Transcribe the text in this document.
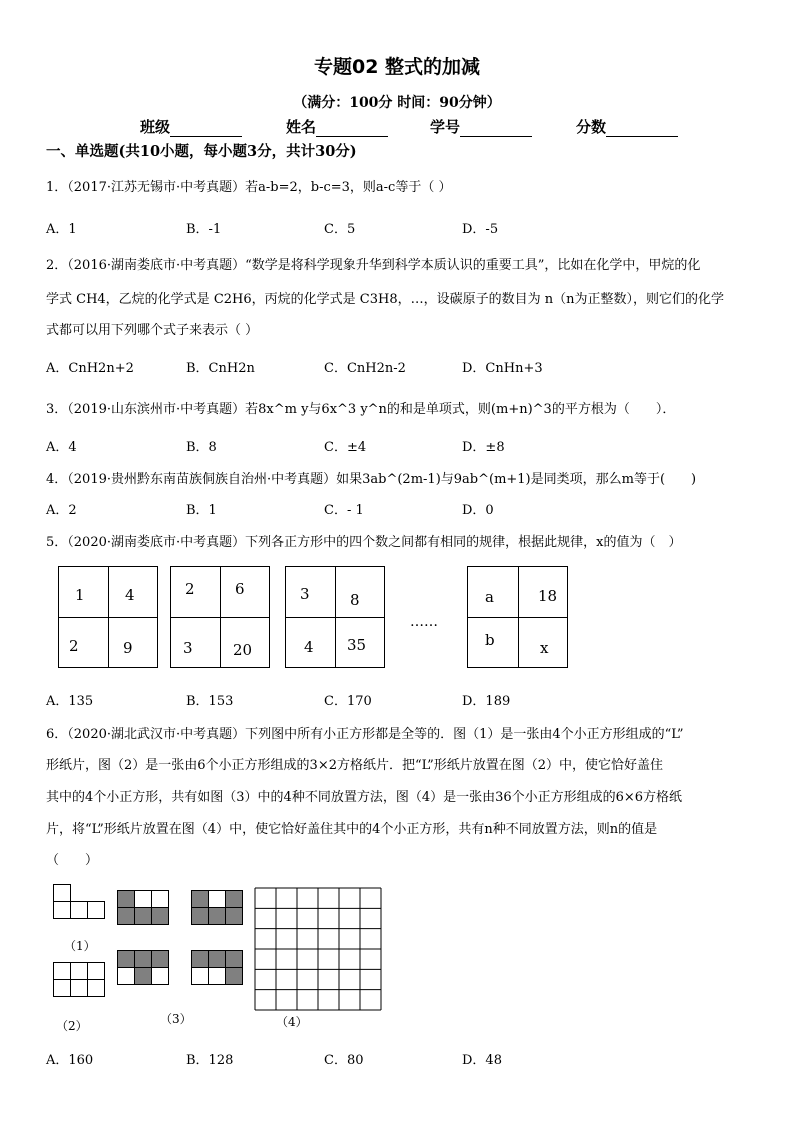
专题02 整式的加减
（满分：100分 时间：90分钟）
班级	姓名	学号	分数
一、单选题(共10小题，每小题3分，共计30分)
1．（2017·江苏无锡市·中考真题）若a-b=2，b-c=3，则a-c等于（ ）
A．1	B．-1	C．5	D．-5
2．（2016·湖南娄底市·中考真题）“数学是将科学现象升华到科学本质认识的重要工具”，比如在化学中，甲烷的化
学式 CH4，乙烷的化学式是 C2H6，丙烷的化学式是 C3H8，…，设碳原子的数目为 n（n为正整数），则它们的化学
式都可以用下列哪个式子来表示（ ）
A．CnH2n+2	B．CnH2n	C．CnH2n-2	D．CnHn+3
3．（2019·山东滨州市·中考真题）若8x^m y与6x^3 y^n的和是单项式，则(m+n)^3的平方根为（　　）．
A．4	B．8	C．±4	D．±8
4．（2019·贵州黔东南苗族侗族自治州·中考真题）如果3ab^(2m-1)与9ab^(m+1)是同类项，那么m等于(　　)
A．2	B．1	C．- 1	D．0
5．（2020·湖南娄底市·中考真题）下列各正方形中的四个数之间都有相同的规律，根据此规律，x的值为（　）
1	4
2	9
2	6
3	20
3	8
4 35
……
a	18
b	x
A．135	B．153	C．170	D．189
6．（2020·湖北武汉市·中考真题）下列图中所有小正方形都是全等的．图（1）是一张由4个小正方形组成的“L”
形纸片，图（2）是一张由6个小正方形组成的3×2方格纸片．把“L”形纸片放置在图（2）中，使它恰好盖住
其中的4个小正方形，共有如图（3）中的4种不同放置方法，图（4）是一张由36个小正方形组成的6×6方格纸
片，将“L”形纸片放置在图（4）中，使它恰好盖住其中的4个小正方形，共有n种不同放置方法，则n的值是
（　　）
（1）
（2）	（3）	（4）
A．160	B．128	C．80	D．48
